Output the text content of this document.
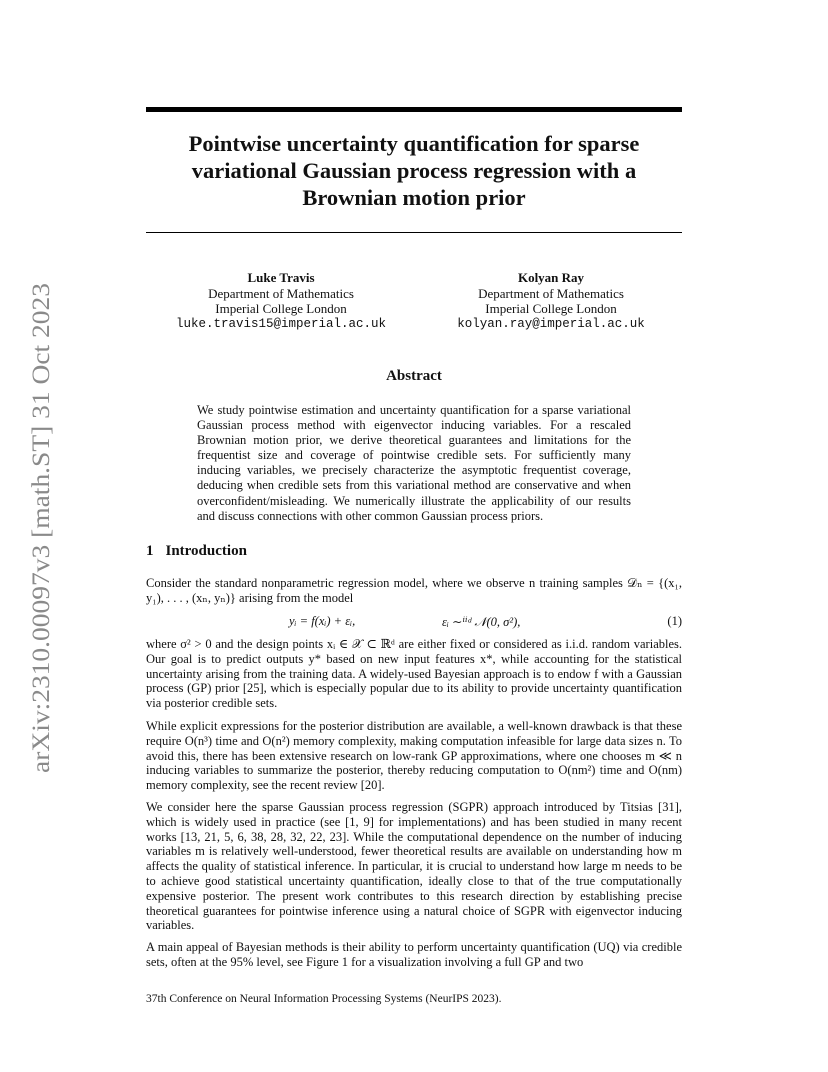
arXiv:2310.00097v3 [math.ST] 31 Oct 2023
Pointwise uncertainty quantification for sparse variational Gaussian process regression with a Brownian motion prior
Luke Travis
Department of Mathematics
Imperial College London
luke.travis15@imperial.ac.uk
Kolyan Ray
Department of Mathematics
Imperial College London
kolyan.ray@imperial.ac.uk
Abstract

We study pointwise estimation and uncertainty quantification for a sparse variational Gaussian process method with eigenvector inducing variables. For a rescaled Brownian motion prior, we derive theoretical guarantees and limitations for the frequentist size and coverage of pointwise credible sets. For sufficiently many inducing variables, we precisely characterize the asymptotic frequentist coverage, deducing when credible sets from this variational method are conservative and when overconfident/misleading. We numerically illustrate the applicability of our results and discuss connections with other common Gaussian process priors.

1 Introduction

Consider the standard nonparametric regression model, where we observe n training samples 𝒟ₙ = {(x₁, y₁), . . . , (xₙ, yₙ)} arising from the model

yᵢ = f(xᵢ) + εᵢ,	εᵢ ∼ⁱⁱᵈ 𝒩(0, σ²),	(1)

where σ² > 0 and the design points xᵢ ∈ 𝒳 ⊂ ℝᵈ are either fixed or considered as i.i.d. random variables. Our goal is to predict outputs y* based on new input features x*, while accounting for the statistical uncertainty arising from the training data. A widely-used Bayesian approach is to endow f with a Gaussian process (GP) prior [25], which is especially popular due to its ability to provide uncertainty quantification via posterior credible sets.

While explicit expressions for the posterior distribution are available, a well-known drawback is that these require O(n³) time and O(n²) memory complexity, making computation infeasible for large data sizes n. To avoid this, there has been extensive research on low-rank GP approximations, where one chooses m ≪ n inducing variables to summarize the posterior, thereby reducing computation to O(nm²) time and O(nm) memory complexity, see the recent review [20].

We consider here the sparse Gaussian process regression (SGPR) approach introduced by Titsias [31], which is widely used in practice (see [1, 9] for implementations) and has been studied in many recent works [13, 21, 5, 6, 38, 28, 32, 22, 23]. While the computational dependence on the number of inducing variables m is relatively well-understood, fewer theoretical results are available on understanding how m affects the quality of statistical inference. In particular, it is crucial to understand how large m needs to be to achieve good statistical uncertainty quantification, ideally close to that of the true computationally expensive posterior. The present work contributes to this research direction by establishing precise theoretical guarantees for pointwise inference using a natural choice of SGPR with eigenvector inducing variables.

A main appeal of Bayesian methods is their ability to perform uncertainty quantification (UQ) via credible sets, often at the 95% level, see Figure 1 for a visualization involving a full GP and two

37th Conference on Neural Information Processing Systems (NeurIPS 2023).
